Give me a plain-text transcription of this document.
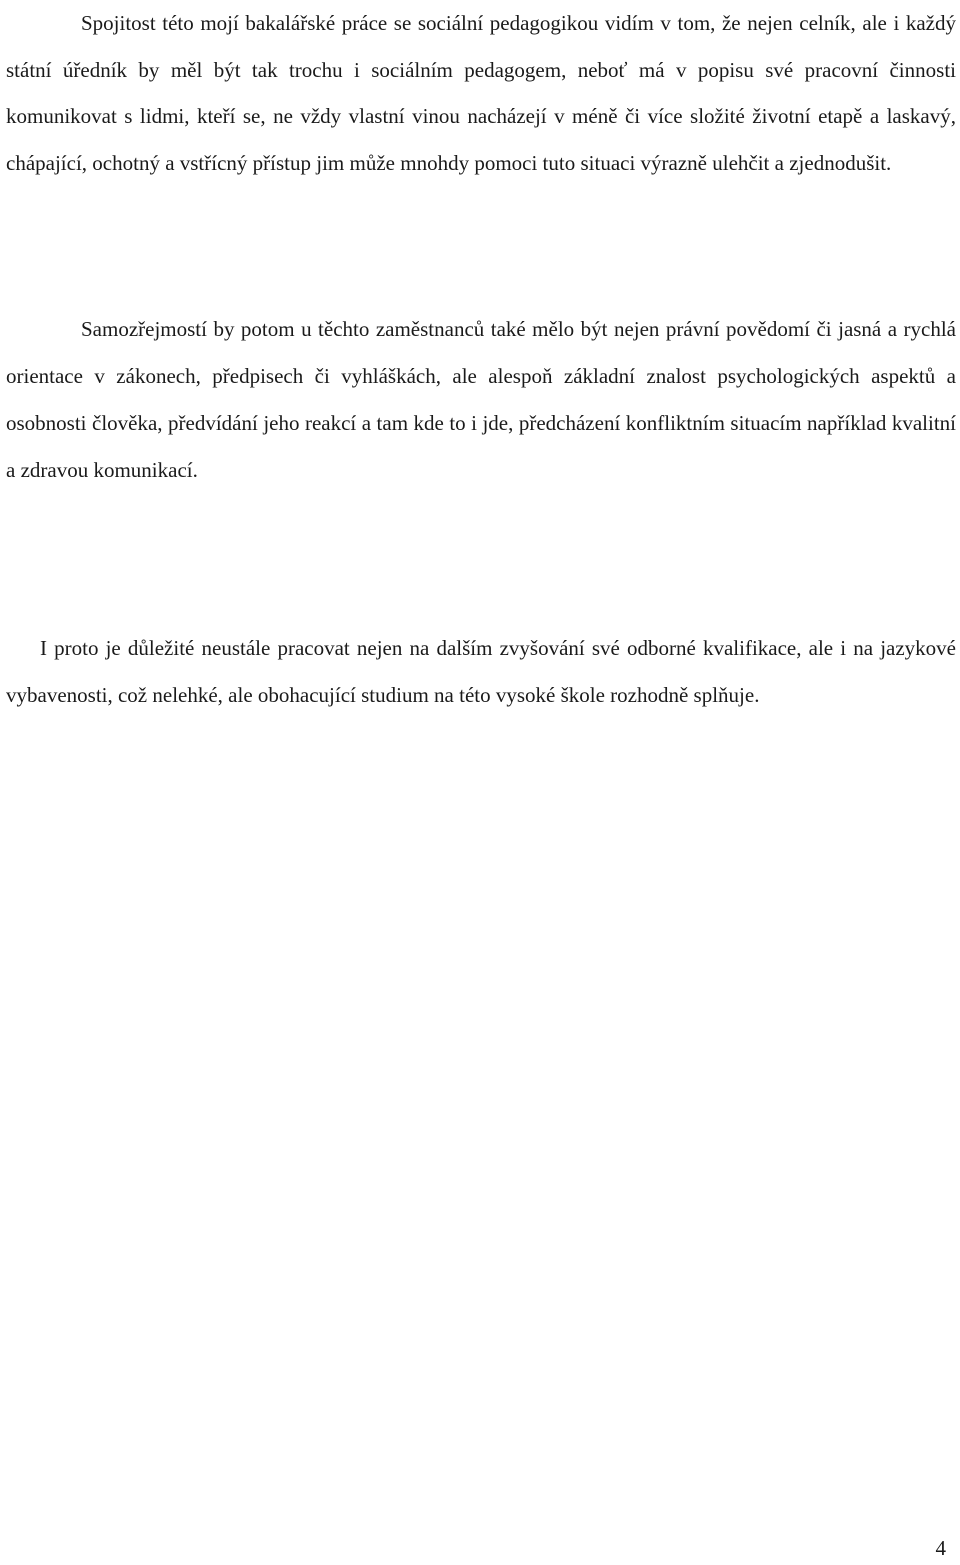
Spojitost této mojí bakalářské práce se sociální pedagogikou vidím v tom, že nejen celník, ale i každý státní úředník by měl být tak trochu i sociálním pedagogem, neboť má v popisu své pracovní činnosti komunikovat s lidmi, kteří se, ne vždy vlastní vinou nacházejí v méně či více složité životní etapě a laskavý, chápající, ochotný a vstřícný přístup jim může mnohdy pomoci tuto situaci výrazně ulehčit a zjednodušit.

Samozřejmostí by potom u těchto zaměstnanců také mělo být nejen právní povědomí či jasná a rychlá orientace v zákonech, předpisech či vyhláškách, ale alespoň základní znalost psychologických aspektů a osobnosti člověka, předvídání jeho reakcí a tam kde to i jde, předcházení konfliktním situacím například kvalitní a zdravou komunikací.

I proto je důležité neustále pracovat nejen na dalším zvyšování své odborné kvalifikace, ale i na jazykové vybavenosti, což nelehké, ale obohacující studium na této vysoké škole rozhodně splňuje.

4
